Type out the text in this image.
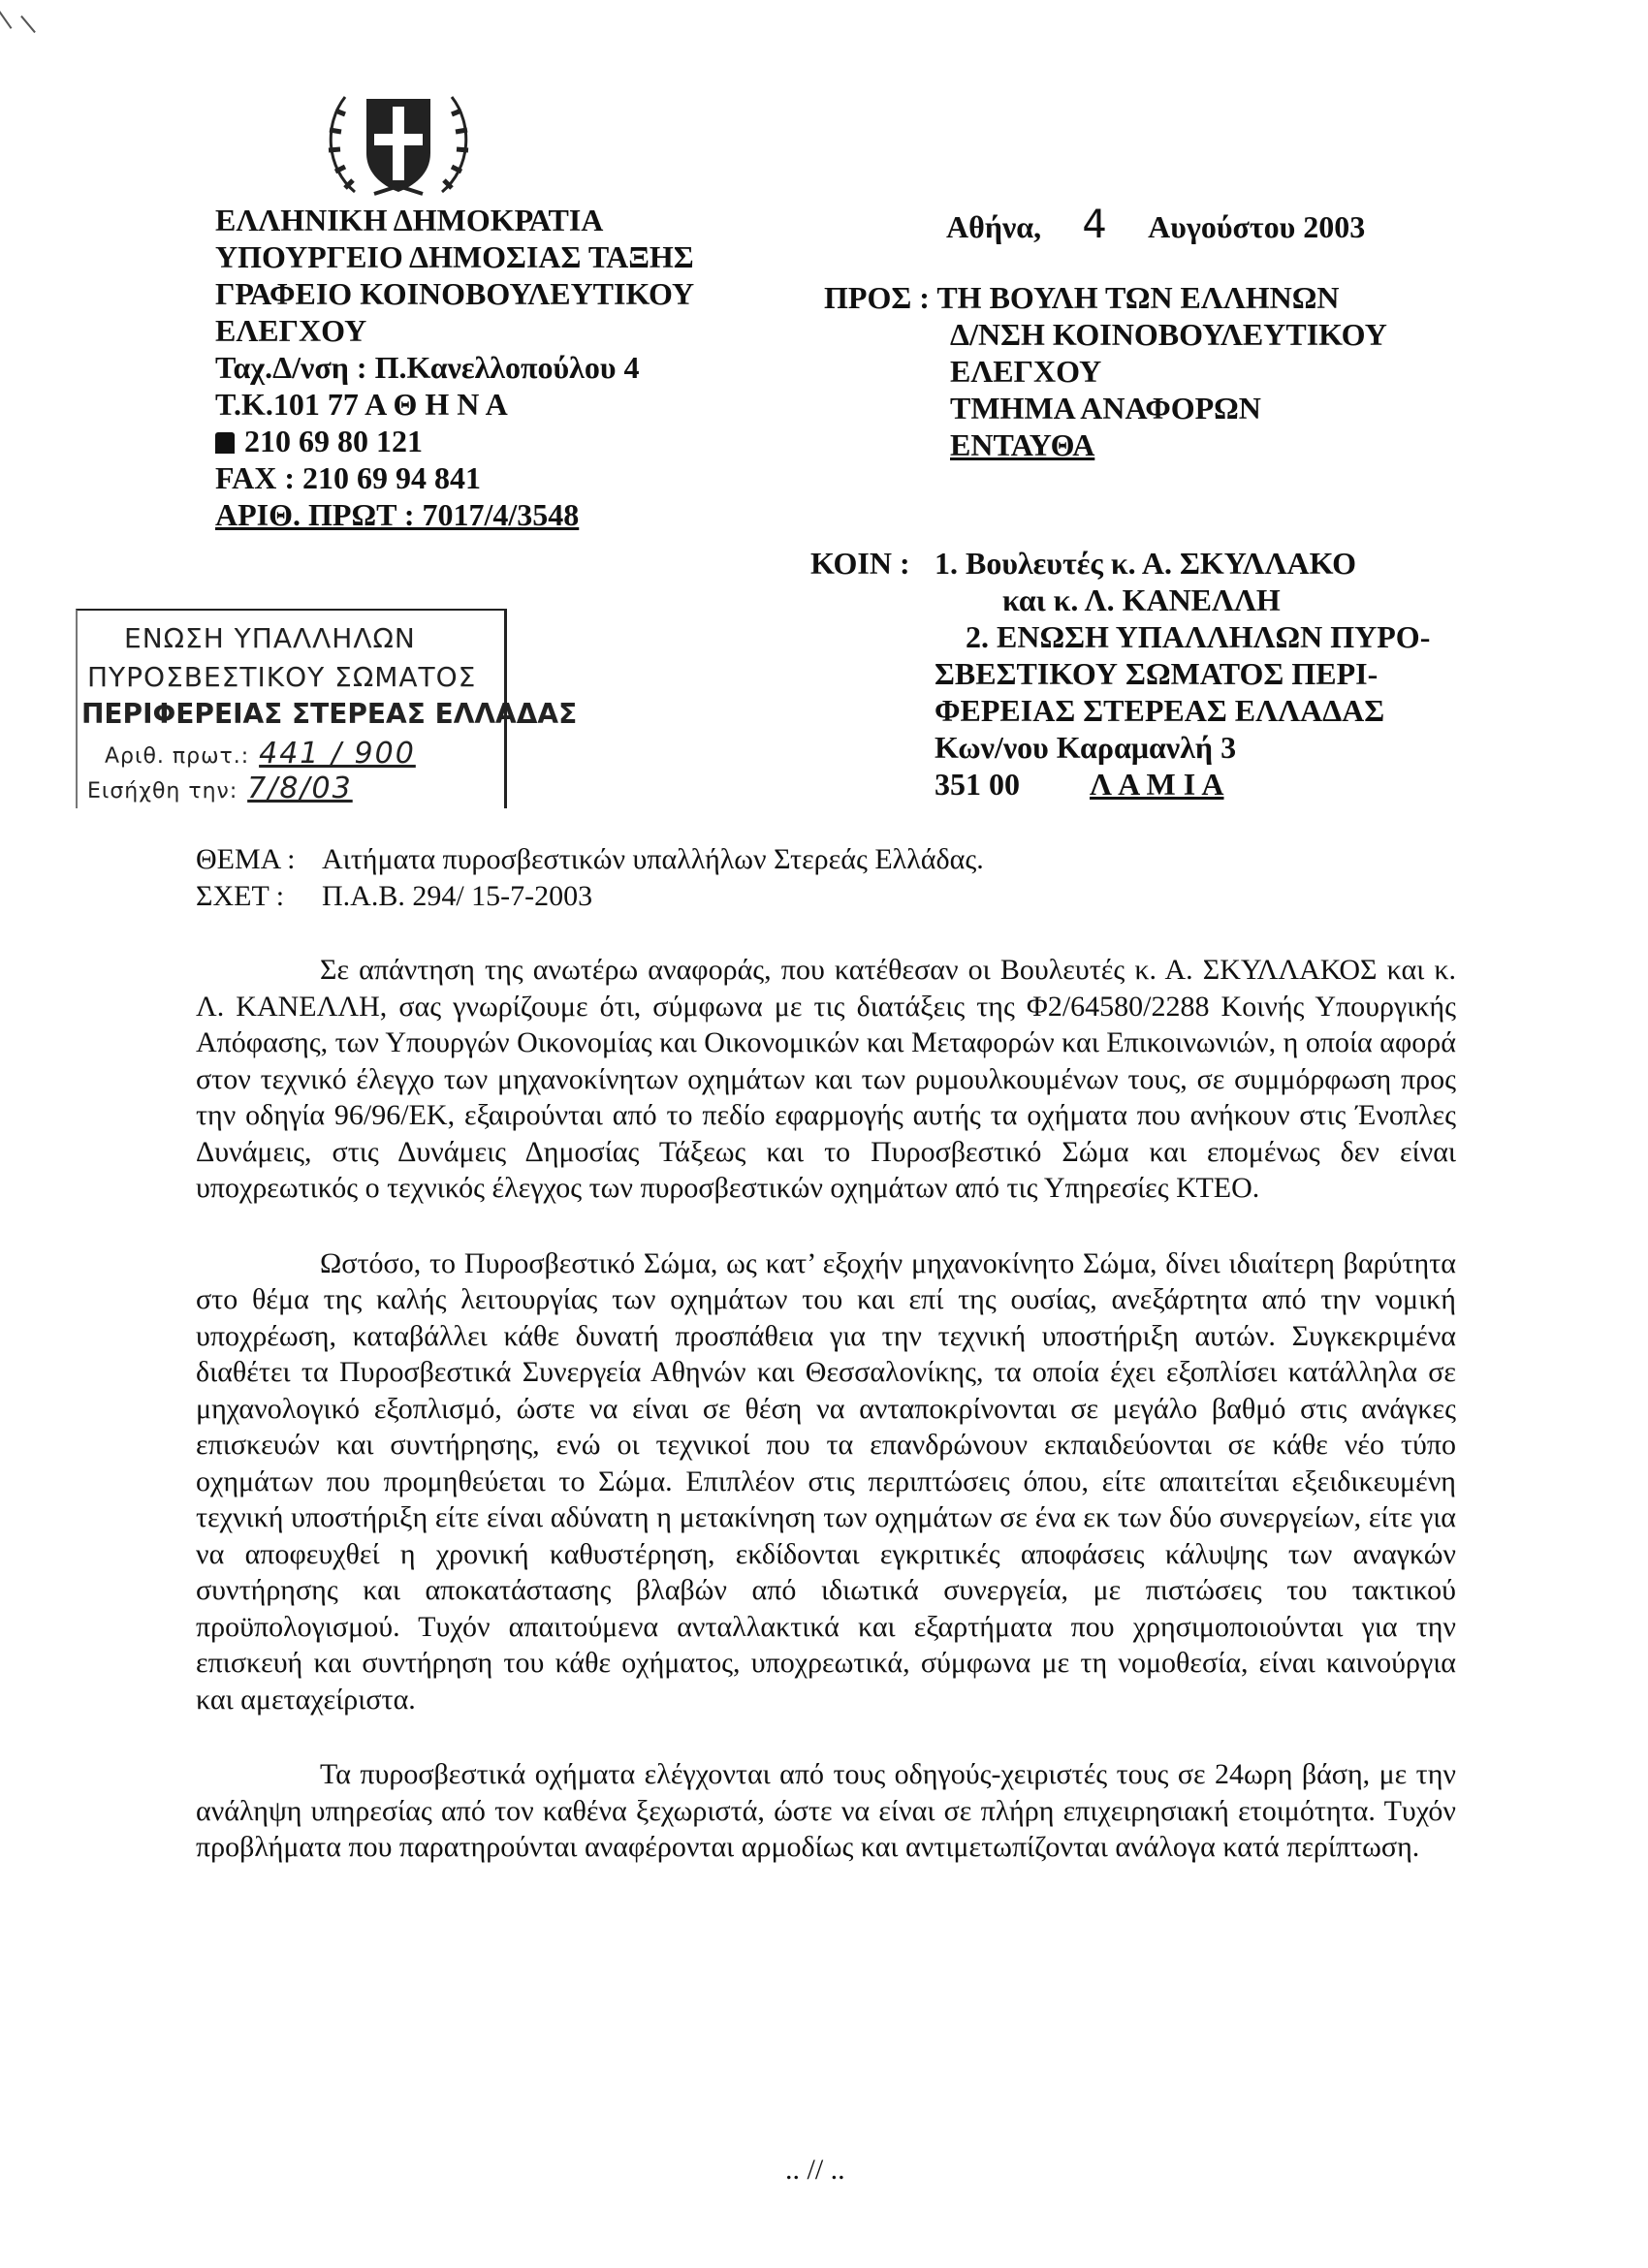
ΕΛΛΗΝΙΚΗ ΔΗΜΟΚΡΑΤΙΑ
ΥΠΟΥΡΓΕΙΟ ΔΗΜΟΣΙΑΣ ΤΑΞΗΣ
ΓΡΑΦΕΙΟ ΚΟΙΝΟΒΟΥΛΕΥΤΙΚΟΥ
ΕΛΕΓΧΟΥ
Ταχ.Δ/νση : Π.Κανελλοπούλου 4
Τ.Κ.101 77 Α Θ Η Ν Α
210 69 80 121
FAX : 210 69 94 841
ΑΡΙΘ. ΠΡΩΤ : 7017/4/3548
Αθήνα, 4 Αυγούστου 2003
ΠΡΟΣ : ΤΗ ΒΟΥΛΗ ΤΩΝ ΕΛΛΗΝΩΝ
Δ/ΝΣΗ ΚΟΙΝΟΒΟΥΛΕΥΤΙΚΟΥ
ΕΛΕΓΧΟΥ
ΤΜΗΜΑ ΑΝΑΦΟΡΩΝ
ΕΝΤΑΥΘΑ
ΚΟΙΝ : 1. Βουλευτές κ. Α. ΣΚΥΛΛΑΚΟ
και κ. Λ. ΚΑΝΕΛΛΗ
2. ΕΝΩΣΗ ΥΠΑΛΛΗΛΩΝ ΠΥΡΟ-
ΣΒΕΣΤΙΚΟΥ ΣΩΜΑΤΟΣ ΠΕΡΙ-
ΦΕΡΕΙΑΣ ΣΤΕΡΕΑΣ ΕΛΛΑΔΑΣ
Κων/νου Καραμανλή 3
351 00 Λ Α Μ Ι Α
ΕΝΩΣΗ ΥΠΑΛΛΗΛΩΝ
ΠΥΡΟΣΒΕΣΤΙΚΟΥ ΣΩΜΑΤΟΣ
ΠΕΡΙΦΕΡΕΙΑΣ ΣΤΕΡΕΑΣ ΕΛΛΑΔΑΣ
Αριθ. πρωτ.: 441 / 900
Εισήχθη την: 7/8/03
ΘΕΜΑ : Αιτήματα πυροσβεστικών υπαλλήλων Στερεάς Ελλάδας.
ΣΧΕΤ : Π.Α.Β. 294/ 15-7-2003

Σε απάντηση της ανωτέρω αναφοράς, που κατέθεσαν οι Βουλευτές κ. Α. ΣΚΥΛΛΑΚΟΣ και κ. Λ. ΚΑΝΕΛΛΗ, σας γνωρίζουμε ότι, σύμφωνα με τις διατάξεις της Φ2/64580/2288 Κοινής Υπουργικής Απόφασης, των Υπουργών Οικονομίας και Οικονομικών και Μεταφορών και Επικοινωνιών, η οποία αφορά στον τεχνικό έλεγχο των μηχανοκίνητων οχημάτων και των ρυμουλκουμένων τους, σε συμμόρφωση προς την οδηγία 96/96/ΕΚ, εξαιρούνται από το πεδίο εφαρμογής αυτής τα οχήματα που ανήκουν στις Ένοπλες Δυνάμεις, στις Δυνάμεις Δημοσίας Τάξεως και το Πυροσβεστικό Σώμα και επομένως δεν είναι υποχρεωτικός ο τεχνικός έλεγχος των πυροσβεστικών οχημάτων από τις Υπηρεσίες ΚΤΕΟ.

Ωστόσο, το Πυροσβεστικό Σώμα, ως κατ’ εξοχήν μηχανοκίνητο Σώμα, δίνει ιδιαίτερη βαρύτητα στο θέμα της καλής λειτουργίας των οχημάτων του και επί της ουσίας, ανεξάρτητα από την νομική υποχρέωση, καταβάλλει κάθε δυνατή προσπάθεια για την τεχνική υποστήριξη αυτών. Συγκεκριμένα διαθέτει τα Πυροσβεστικά Συνεργεία Αθηνών και Θεσσαλονίκης, τα οποία έχει εξοπλίσει κατάλληλα σε μηχανολογικό εξοπλισμό, ώστε να είναι σε θέση να ανταποκρίνονται σε μεγάλο βαθμό στις ανάγκες επισκευών και συντήρησης, ενώ οι τεχνικοί που τα επανδρώνουν εκπαιδεύονται σε κάθε νέο τύπο οχημάτων που προμηθεύεται το Σώμα. Επιπλέον στις περιπτώσεις όπου, είτε απαιτείται εξειδικευμένη τεχνική υποστήριξη είτε είναι αδύνατη η μετακίνηση των οχημάτων σε ένα εκ των δύο συνεργείων, είτε για να αποφευχθεί η χρονική καθυστέρηση, εκδίδονται εγκριτικές αποφάσεις κάλυψης των αναγκών συντήρησης και αποκατάστασης βλαβών από ιδιωτικά συνεργεία, με πιστώσεις του τακτικού προϋπολογισμού. Τυχόν απαιτούμενα ανταλλακτικά και εξαρτήματα που χρησιμοποιούνται για την επισκευή και συντήρηση του κάθε οχήματος, υποχρεωτικά, σύμφωνα με τη νομοθεσία, είναι καινούργια και αμεταχείριστα.

Τα πυροσβεστικά οχήματα ελέγχονται από τους οδηγούς-χειριστές τους σε 24ωρη βάση, με την ανάληψη υπηρεσίας από τον καθένα ξεχωριστά, ώστε να είναι σε πλήρη επιχειρησιακή ετοιμότητα. Τυχόν προβλήματα που παρατηρούνται αναφέρονται αρμοδίως και αντιμετωπίζονται ανάλογα κατά περίπτωση.

.. // ..
